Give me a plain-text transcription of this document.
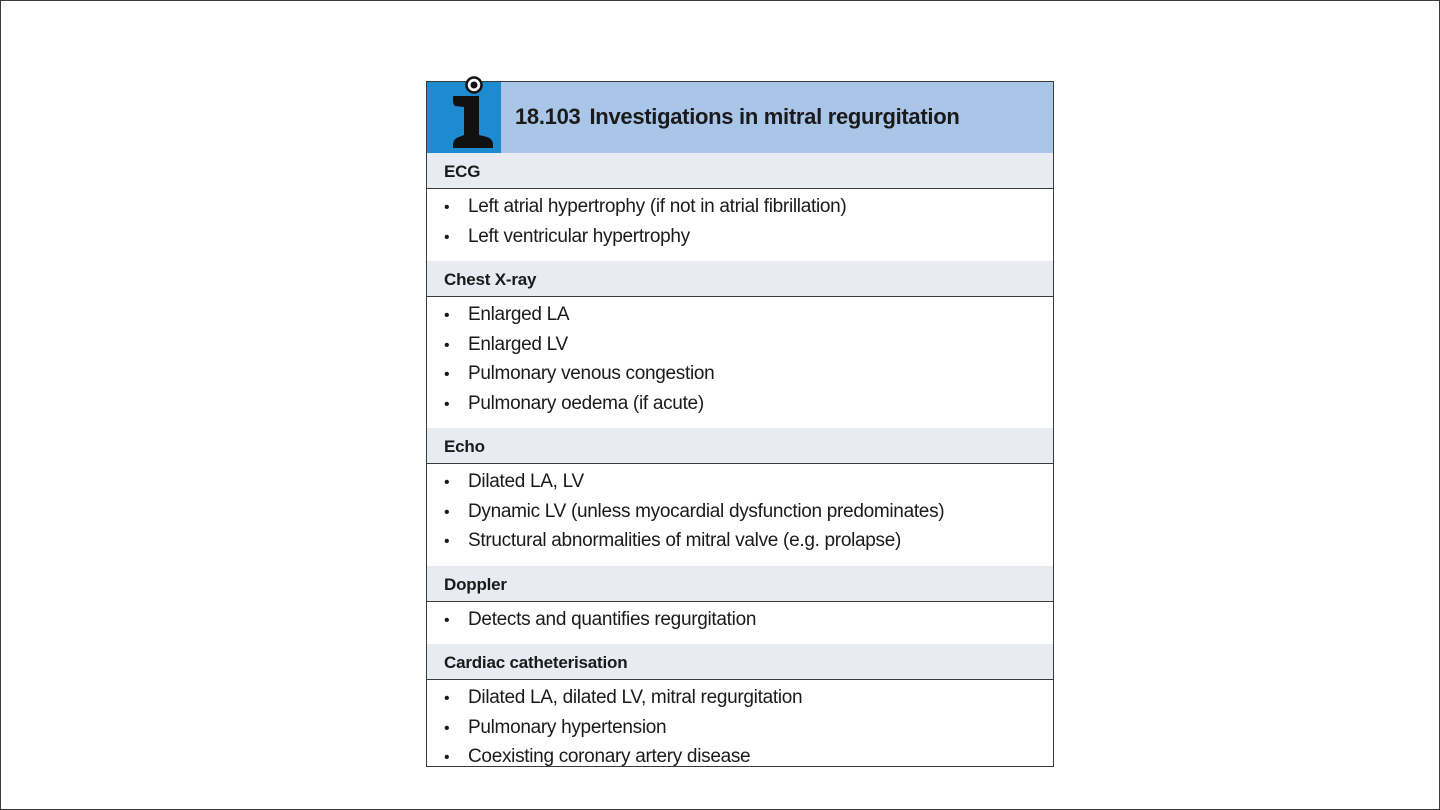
18.103 Investigations in mitral regurgitation
ECG
• Left atrial hypertrophy (if not in atrial fibrillation)
• Left ventricular hypertrophy
Chest X-ray
• Enlarged LA
• Enlarged LV
• Pulmonary venous congestion
• Pulmonary oedema (if acute)
Echo
• Dilated LA, LV
• Dynamic LV (unless myocardial dysfunction predominates)
• Structural abnormalities of mitral valve (e.g. prolapse)
Doppler
• Detects and quantifies regurgitation
Cardiac catheterisation
• Dilated LA, dilated LV, mitral regurgitation
• Pulmonary hypertension
• Coexisting coronary artery disease
